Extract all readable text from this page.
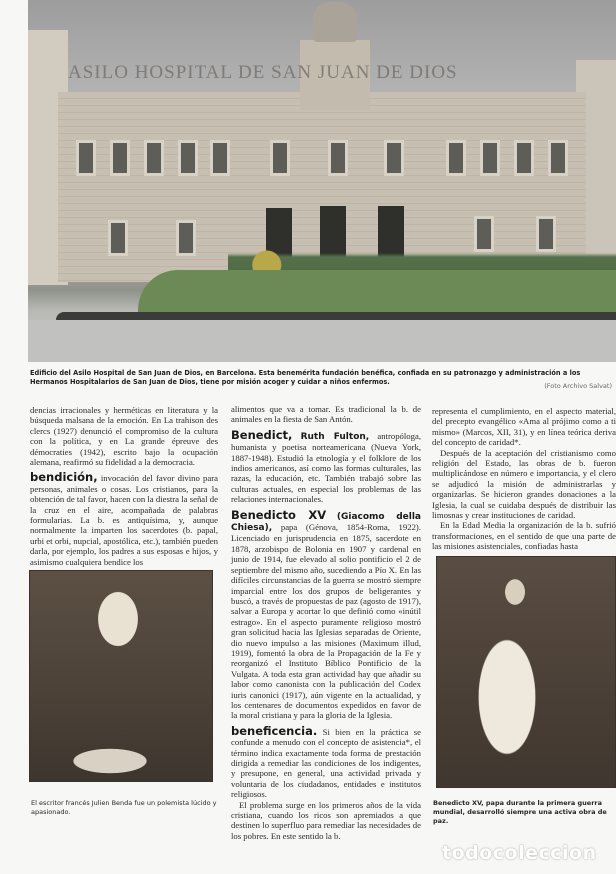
ASILO HOSPITAL DE SAN JUAN DE DIOS
Edificio del Asilo Hospital de San Juan de Dios, en Barcelona. Esta benemérita fundación benéfica, confiada en su patronazgo y administración a los Hermanos Hospitalarios de San Juan de Dios, tiene por misión acoger y cuidar a niños enfermos.	(Foto Archivo Salvat)

dencias irracionales y herméticas en literatura y la búsqueda malsana de la emoción. En La trahison des clercs (1927) denunció el compromiso de la cultura con la política, y en La grande épreuve des démocraties (1942), escrito bajo la ocupación alemana, reafirmó su fidelidad a la democracia.

bendición, invocación del favor divino para personas, animales o cosas. Los cristianos, para la obtención de tal favor, hacen con la diestra la señal de la cruz en el aire, acompañada de palabras formularias. La b. es antiquísima, y, aunque normalmente la imparten los sacerdotes (b. papal, urbi et orbi, nupcial, apostólica, etc.), también pueden darla, por ejemplo, los padres a sus esposas e hijos, y asimismo cualquiera bendice los

El escritor francés Julien Benda fue un polemista lúcido y apasionado.

alimentos que va a tomar. Es tradicional la b. de animales en la fiesta de San Antón.

Benedict, Ruth Fulton, antropóloga, humanista y poetisa norteamericana (Nueva York, 1887-1948). Estudió la etnología y el folklore de los indios americanos, así como las formas culturales, las razas, la educación, etc. También trabajó sobre las culturas actuales, en especial los problemas de las relaciones internacionales.

Benedicto XV (Giacomo della Chiesa), papa (Génova, 1854-Roma, 1922). Licenciado en jurisprudencia en 1875, sacerdote en 1878, arzobispo de Bolonia en 1907 y cardenal en junio de 1914, fue elevado al solio pontificio el 2 de septiembre del mismo año, sucediendo a Pío X. En las difíciles circunstancias de la guerra se mostró siempre imparcial entre los dos grupos de beligerantes y buscó, a través de propuestas de paz (agosto de 1917), salvar a Europa y acortar lo que definió como «inútil estrago». En el aspecto puramente religioso mostró gran solicitud hacia las Iglesias separadas de Oriente, dio nuevo impulso a las misiones (Maximum illud, 1919), fomentó la obra de la Propagación de la Fe y reorganizó el Instituto Bíblico Pontificio de la Vulgata. A toda esta gran actividad hay que añadir su labor como canonista con la publicación del Codex iuris canonici (1917), aún vigente en la actualidad, y los centenares de documentos expedidos en favor de la moral cristiana y para la gloria de la Iglesia.

beneficencia. Si bien en la práctica se confunde a menudo con el concepto de asistencia*, el término indica exactamente toda forma de prestación dirigida a remediar las condiciones de los indigentes, y presupone, en general, una actividad privada y voluntaria de los ciudadanos, entidades e institutos religiosos.

El problema surge en los primeros años de la vida cristiana, cuando los ricos son apremiados a que destinen lo superfluo para remediar las necesidades de los pobres. En este sentido la b.

representa el cumplimiento, en el aspecto material, del precepto evangélico «Ama al prójimo como a ti mismo» (Marcos, XII, 31), y en línea teórica deriva del concepto de caridad*.

Después de la aceptación del cristianismo como religión del Estado, las obras de b. fueron multiplicándose en número e importancia, y el clero se adjudicó la misión de administrarlas y organizarlas. Se hicieron grandes donaciones a la Iglesia, la cual se cuidaba después de distribuir las limosnas y crear instituciones de caridad.

En la Edad Media la organización de la b. sufrió transformaciones, en el sentido de que una parte de las misiones asistenciales, confiadas hasta

Benedicto XV, papa durante la primera guerra mundial, desarrolló siempre una activa obra de paz.
todocoleccion
